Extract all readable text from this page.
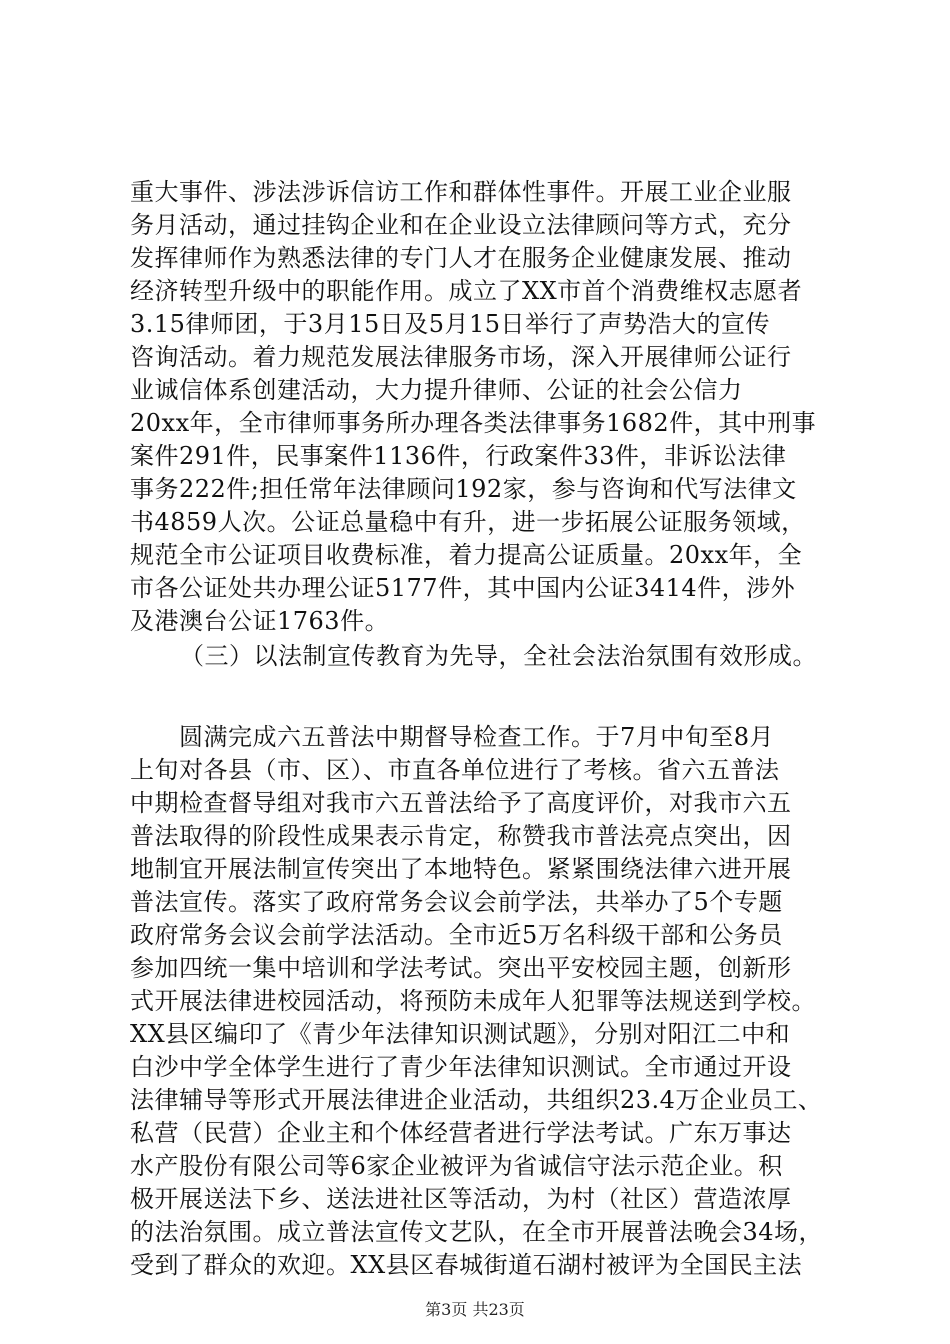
重大事件、涉法涉诉信访工作和群体性事件。开展工业企业服
务月活动，通过挂钩企业和在企业设立法律顾问等方式，充分
发挥律师作为熟悉法律的专门人才在服务企业健康发展、推动
经济转型升级中的职能作用。成立了XX市首个消费维权志愿者
3.15律师团，于3月15日及5月15日举行了声势浩大的宣传
咨询活动。着力规范发展法律服务市场，深入开展律师公证行
业诚信体系创建活动，大力提升律师、公证的社会公信力
20xx年，全市律师事务所办理各类法律事务1682件，其中刑事
案件291件，民事案件1136件，行政案件33件，非诉讼法律
事务222件;担任常年法律顾问192家，参与咨询和代写法律文
书4859人次。公证总量稳中有升，进一步拓展公证服务领域，
规范全市公证项目收费标准，着力提高公证质量。20xx年，全
市各公证处共办理公证5177件，其中国内公证3414件，涉外
及港澳台公证1763件。
（三）以法制宣传教育为先导，全社会法治氛围有效形成。
　　圆满完成六五普法中期督导检查工作。于7月中旬至8月
上旬对各县（市、区）、市直各单位进行了考核。省六五普法
中期检查督导组对我市六五普法给予了高度评价，对我市六五
普法取得的阶段性成果表示肯定，称赞我市普法亮点突出，因
地制宜开展法制宣传突出了本地特色。紧紧围绕法律六进开展
普法宣传。落实了政府常务会议会前学法，共举办了5个专题
政府常务会议会前学法活动。全市近5万名科级干部和公务员
参加四统一集中培训和学法考试。突出平安校园主题，创新形
式开展法律进校园活动，将预防未成年人犯罪等法规送到学校。
XX县区编印了《青少年法律知识测试题》，分别对阳江二中和
白沙中学全体学生进行了青少年法律知识测试。全市通过开设
法律辅导等形式开展法律进企业活动，共组织23.4万企业员工、
私营（民营）企业主和个体经营者进行学法考试。广东万事达
水产股份有限公司等6家企业被评为省诚信守法示范企业。积
极开展送法下乡、送法进社区等活动，为村（社区）营造浓厚
的法治氛围。成立普法宣传文艺队，在全市开展普法晚会34场，
受到了群众的欢迎。XX县区春城街道石湖村被评为全国民主法
第3页 共23页
